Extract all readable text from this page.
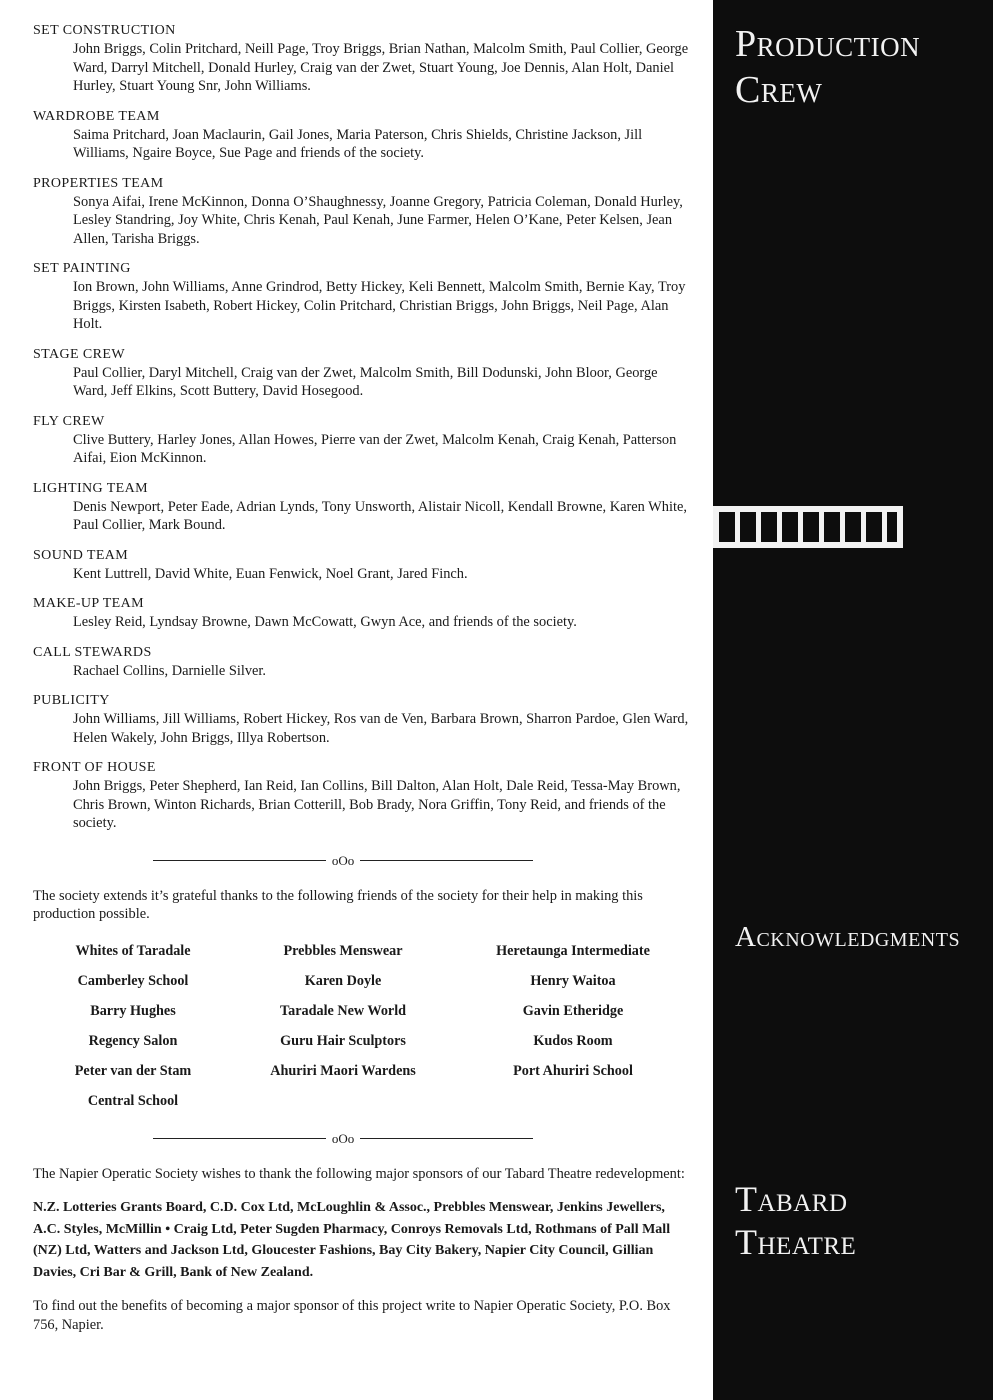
SET CONSTRUCTION
John Briggs, Colin Pritchard, Neill Page, Troy Briggs, Brian Nathan, Malcolm Smith, Paul Collier, George Ward, Darryl Mitchell, Donald Hurley, Craig van der Zwet, Stuart Young, Joe Dennis, Alan Holt, Daniel Hurley, Stuart Young Snr, John Williams.
WARDROBE TEAM
Saima Pritchard, Joan Maclaurin, Gail Jones, Maria Paterson, Chris Shields, Christine Jackson, Jill Williams, Ngaire Boyce, Sue Page and friends of the society.
PROPERTIES TEAM
Sonya Aifai, Irene McKinnon, Donna O’Shaughnessy, Joanne Gregory, Patricia Coleman, Donald Hurley, Lesley Standring, Joy White, Chris Kenah, Paul Kenah, June Farmer, Helen O’Kane, Peter Kelsen, Jean Allen, Tarisha Briggs.
SET PAINTING
Ion Brown, John Williams, Anne Grindrod, Betty Hickey, Keli Bennett, Malcolm Smith, Bernie Kay, Troy Briggs, Kirsten Isabeth, Robert Hickey, Colin Pritchard, Christian Briggs, John Briggs, Neil Page, Alan Holt.
STAGE CREW
Paul Collier, Daryl Mitchell, Craig van der Zwet, Malcolm Smith, Bill Dodunski, John Bloor, George Ward, Jeff Elkins, Scott Buttery, David Hosegood.
FLY CREW
Clive Buttery, Harley Jones, Allan Howes, Pierre van der Zwet, Malcolm Kenah, Craig Kenah, Patterson Aifai, Eion McKinnon.
LIGHTING TEAM
Denis Newport, Peter Eade, Adrian Lynds, Tony Unsworth, Alistair Nicoll, Kendall Browne, Karen White, Paul Collier, Mark Bound.
SOUND TEAM
Kent Luttrell, David White, Euan Fenwick, Noel Grant, Jared Finch.
MAKE-UP TEAM
Lesley Reid, Lyndsay Browne, Dawn McCowatt, Gwyn Ace, and friends of the society.
CALL STEWARDS
Rachael Collins, Darnielle Silver.
PUBLICITY
John Williams, Jill Williams, Robert Hickey, Ros van de Ven, Barbara Brown, Sharron Pardoe, Glen Ward, Helen Wakely, John Briggs, Illya Robertson.
FRONT OF HOUSE
John Briggs, Peter Shepherd, Ian Reid, Ian Collins, Bill Dalton, Alan Holt, Dale Reid, Tessa-May Brown, Chris Brown, Winton Richards, Brian Cotterill, Bob Brady, Nora Griffin, Tony Reid, and friends of the society.
oOo
The society extends it’s grateful thanks to the following friends of the society for their help in making this production possible.
Whites of Taradale	Prebbles Menswear	Heretaunga Intermediate
Camberley School	Karen Doyle	Henry Waitoa
Barry Hughes	Taradale New World	Gavin Etheridge
Regency Salon	Guru Hair Sculptors	Kudos Room
Peter van der Stam	Ahuriri Maori Wardens	Port Ahuriri School
Central School
oOo
The Napier Operatic Society wishes to thank the following major sponsors of our Tabard Theatre redevelopment:
N.Z. Lotteries Grants Board, C.D. Cox Ltd, McLoughlin & Assoc., Prebbles Menswear, Jenkins Jewellers, A.C. Styles, McMillin • Craig Ltd, Peter Sugden Pharmacy, Conroys Removals Ltd, Rothmans of Pall Mall (NZ) Ltd, Watters and Jackson Ltd, Gloucester Fashions, Bay City Bakery, Napier City Council, Gillian Davies, Cri Bar & Grill, Bank of New Zealand.
To find out the benefits of becoming a major sponsor of this project write to Napier Operatic Society, P.O. Box 756, Napier.
Production
Crew
Acknowledgments
Tabard
Theatre
